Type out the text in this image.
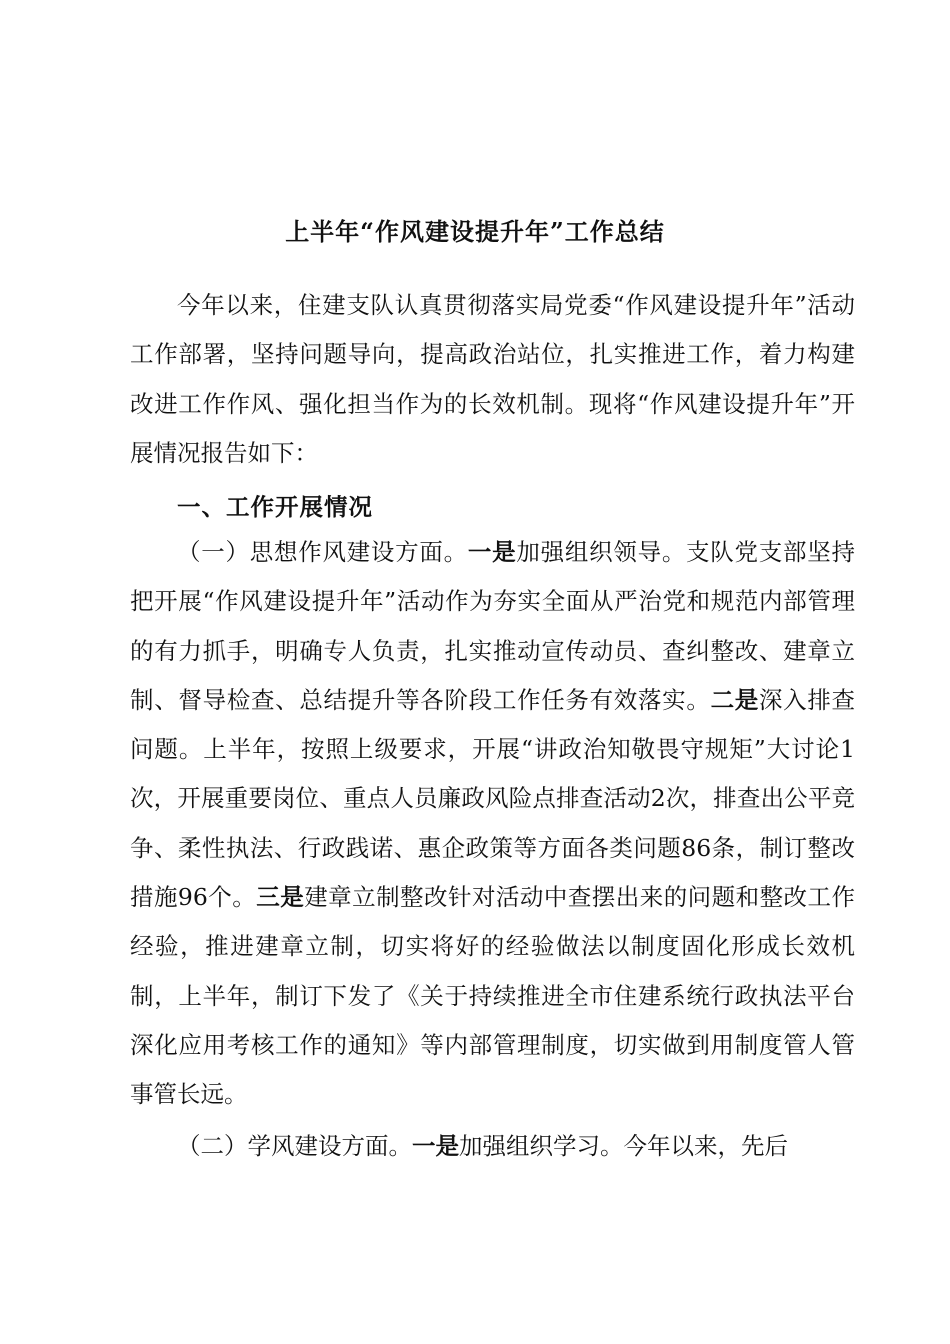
上半年“作风建设提升年”工作总结

今年以来，住建支队认真贯彻落实局党委“作风建设提升年”活动工作部署，坚持问题导向，提高政治站位，扎实推进工作，着力构建改进工作作风、强化担当作为的长效机制。现将“作风建设提升年”开展情况报告如下：

一、工作开展情况

（一）思想作风建设方面。一是加强组织领导。支队党支部坚持把开展“作风建设提升年”活动作为夯实全面从严治党和规范内部管理的有力抓手，明确专人负责，扎实推动宣传动员、查纠整改、建章立制、督导检查、总结提升等各阶段工作任务有效落实。二是深入排查问题。上半年，按照上级要求，开展“讲政治知敬畏守规矩”大讨论1次，开展重要岗位、重点人员廉政风险点排查活动2次，排查出公平竞争、柔性执法、行政践诺、惠企政策等方面各类问题86条，制订整改措施96个。三是建章立制整改针对活动中查摆出来的问题和整改工作经验，推进建章立制，切实将好的经验做法以制度固化形成长效机制，上半年，制订下发了《关于持续推进全市住建系统行政执法平台深化应用考核工作的通知》等内部管理制度，切实做到用制度管人管事管长远。

（二）学风建设方面。一是加强组织学习。今年以来，先后
